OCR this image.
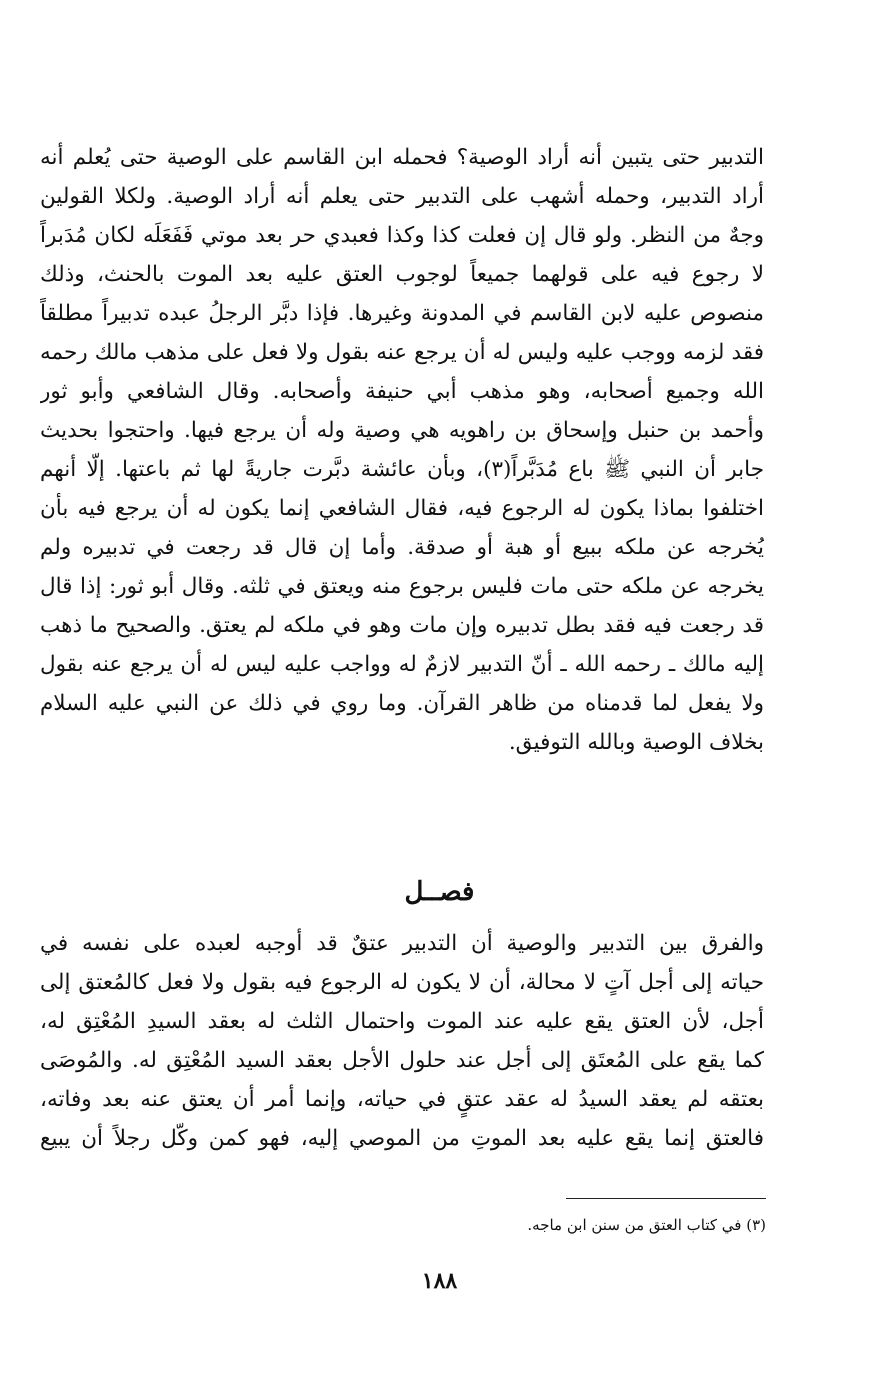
التدبير حتى يتبين أنه أراد الوصية؟ فحمله ابن القاسم على الوصية حتى يُعلم أنه
أراد التدبير، وحمله أشهب على التدبير حتى يعلم أنه أراد الوصية. ولكلا القولين
وجهٌ من النظر. ولو قال إن فعلت كذا وكذا فعبدي حر بعد موتي فَفَعَلَه لكان مُدَبراً
لا رجوع فيه على قولهما جميعاً لوجوب العتق عليه بعد الموت بالحنث، وذلك
منصوص عليه لابن القاسم في المدونة وغيرها. فإذا دبَّر الرجلُ عبده تدبيراً مطلقاً
فقد لزمه ووجب عليه وليس له أن يرجع عنه بقول ولا فعل على مذهب مالك رحمه
الله وجميع أصحابه، وهو مذهب أبي حنيفة وأصحابه. وقال الشافعي وأبو ثور
وأحمد بن حنبل وإسحاق بن راهويه هي وصية وله أن يرجع فيها. واحتجوا بحديث
جابر أن النبي ﷺ باع مُدَبَّراً(٣)، وبأن عائشة دبَّرت جاريةً لها ثم باعتها. إلّا أنهم
اختلفوا بماذا يكون له الرجوع فيه، فقال الشافعي إنما يكون له أن يرجع فيه بأن
يُخرجه عن ملكه ببيع أو هبة أو صدقة. وأما إن قال قد رجعت في تدبيره ولم
يخرجه عن ملكه حتى مات فليس برجوع منه ويعتق في ثلثه. وقال أبو ثور: إذا قال
قد رجعت فيه فقد بطل تدبيره وإن مات وهو في ملكه لم يعتق. والصحيح ما ذهب
إليه مالك ـ رحمه الله ـ أنّ التدبير لازمٌ له وواجب عليه ليس له أن يرجع عنه بقول
ولا يفعل لما قدمناه من ظاهر القرآن. وما روي في ذلك عن النبي عليه السلام
بخلاف الوصية وبالله التوفيق.
فصــل
والفرق بين التدبير والوصية أن التدبير عتقٌ قد أوجبه لعبده على نفسه في
حياته إلى أجل آتٍ لا محالة، أن لا يكون له الرجوع فيه بقول ولا فعل كالمُعتق إلى
أجل، لأن العتق يقع عليه عند الموت واحتمال الثلث له بعقد السيدِ المُعْتِق له،
كما يقع على المُعتَق إلى أجل عند حلول الأجل بعقد السيد المُعْتِق له. والمُوصَى
بعتقه لم يعقد السيدُ له عقد عتقٍ في حياته، وإنما أمر أن يعتق عنه بعد وفاته،
فالعتق إنما يقع عليه بعد الموتِ من الموصي إليه، فهو كمن وكّل رجلاً أن يبيع
(٣) في كتاب العتق من سنن ابن ماجه.
١٨٨
